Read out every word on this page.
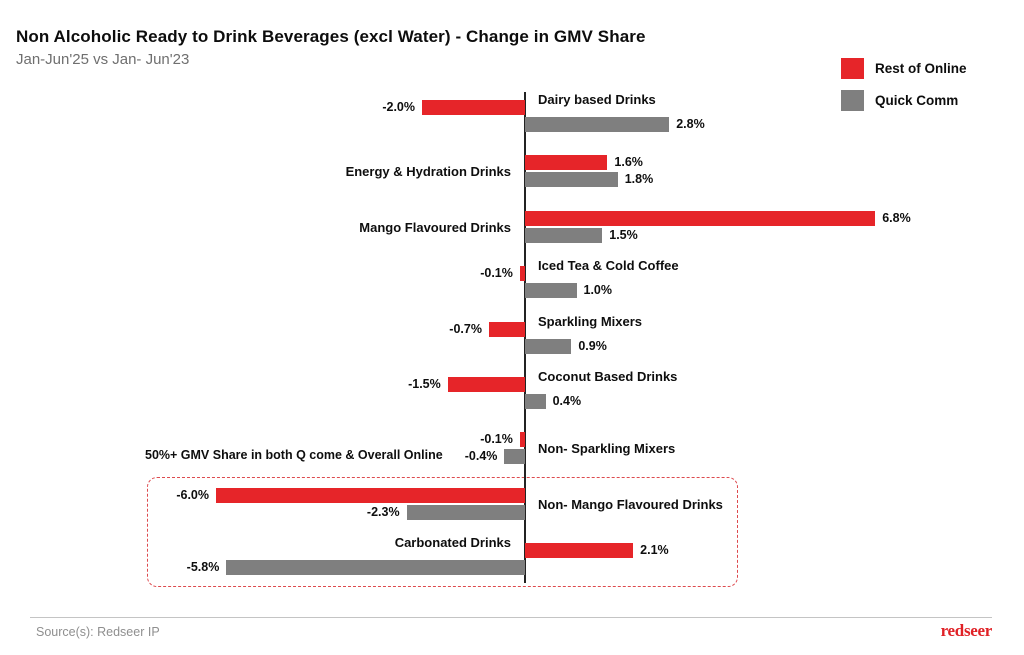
Non Alcoholic Ready to Drink Beverages (excl Water) - Change in GMV Share
Jan-Jun'25 vs Jan- Jun'23	Rest of Online
Quick Comm
-2.0%
2.8%
Dairy based Drinks
1.6%
1.8%
Energy & Hydration Drinks
6.8%
1.5%
Mango Flavoured Drinks
-0.1%
1.0%
Iced Tea & Cold Coffee
-0.7%
0.9%
Sparkling Mixers
-1.5%
0.4%
Coconut Based Drinks
-0.1%
-0.4%	Non- Sparkling Mixers
-6.0%
-2.3%	Non- Mango Flavoured Drinks
2.1%
-5.8%
Carbonated Drinks
50%+ GMV Share in both Q come & Overall Online
Source(s): Redseer IP	redseer
